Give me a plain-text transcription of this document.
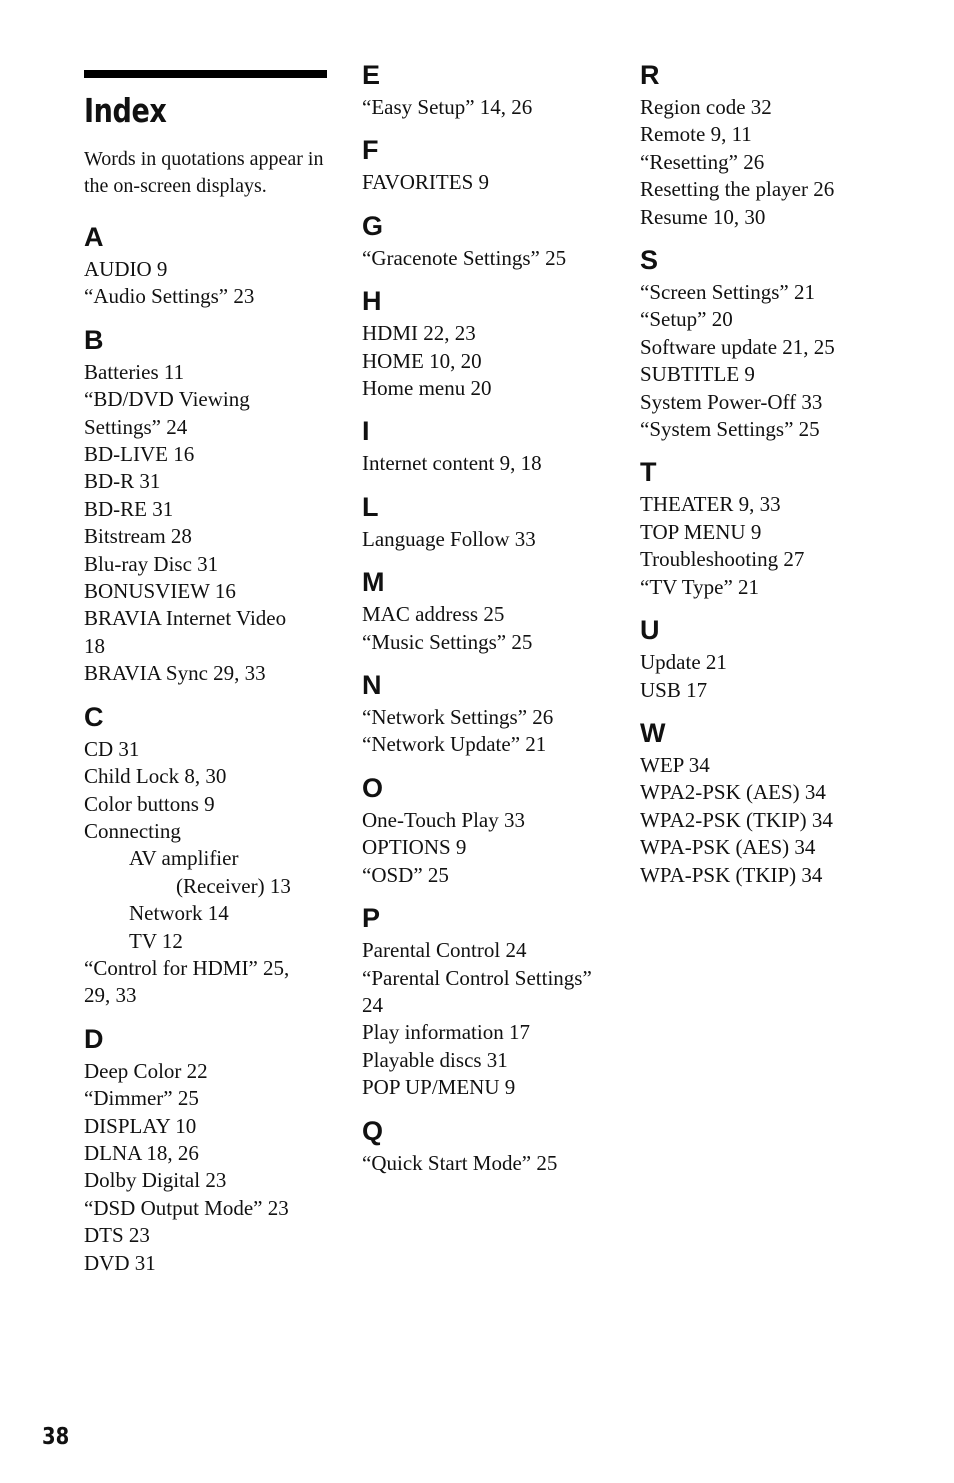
Index
Words in quotations appear in the on-screen displays.
A
AUDIO 9
“Audio Settings” 23
B
Batteries 11
“BD/DVD Viewing
Settings” 24
BD-LIVE 16
BD-R 31
BD-RE 31
Bitstream 28
Blu-ray Disc 31
BONUSVIEW 16
BRAVIA Internet Video
18
BRAVIA Sync 29, 33
C
CD 31
Child Lock 8, 30
Color buttons 9
Connecting
AV amplifier
(Receiver) 13
Network 14
TV 12
“Control for HDMI” 25,
29, 33
D
Deep Color 22
“Dimmer” 25
DISPLAY 10
DLNA 18, 26
Dolby Digital 23
“DSD Output Mode” 23
DTS 23
DVD 31
E
“Easy Setup” 14, 26
F
FAVORITES 9
G
“Gracenote Settings” 25
H
HDMI 22, 23
HOME 10, 20
Home menu 20
I
Internet content 9, 18
L
Language Follow 33
M
MAC address 25
“Music Settings” 25
N
“Network Settings” 26
“Network Update” 21
O
One-Touch Play 33
OPTIONS 9
“OSD” 25
P
Parental Control 24
“Parental Control Settings”
24
Play information 17
Playable discs 31
POP UP/MENU 9
Q
“Quick Start Mode” 25
R
Region code 32
Remote 9, 11
“Resetting” 26
Resetting the player 26
Resume 10, 30
S
“Screen Settings” 21
“Setup” 20
Software update 21, 25
SUBTITLE 9
System Power-Off 33
“System Settings” 25
T
THEATER 9, 33
TOP MENU 9
Troubleshooting 27
“TV Type” 21
U
Update 21
USB 17
W
WEP 34
WPA2-PSK (AES) 34
WPA2-PSK (TKIP) 34
WPA-PSK (AES) 34
WPA-PSK (TKIP) 34
38
